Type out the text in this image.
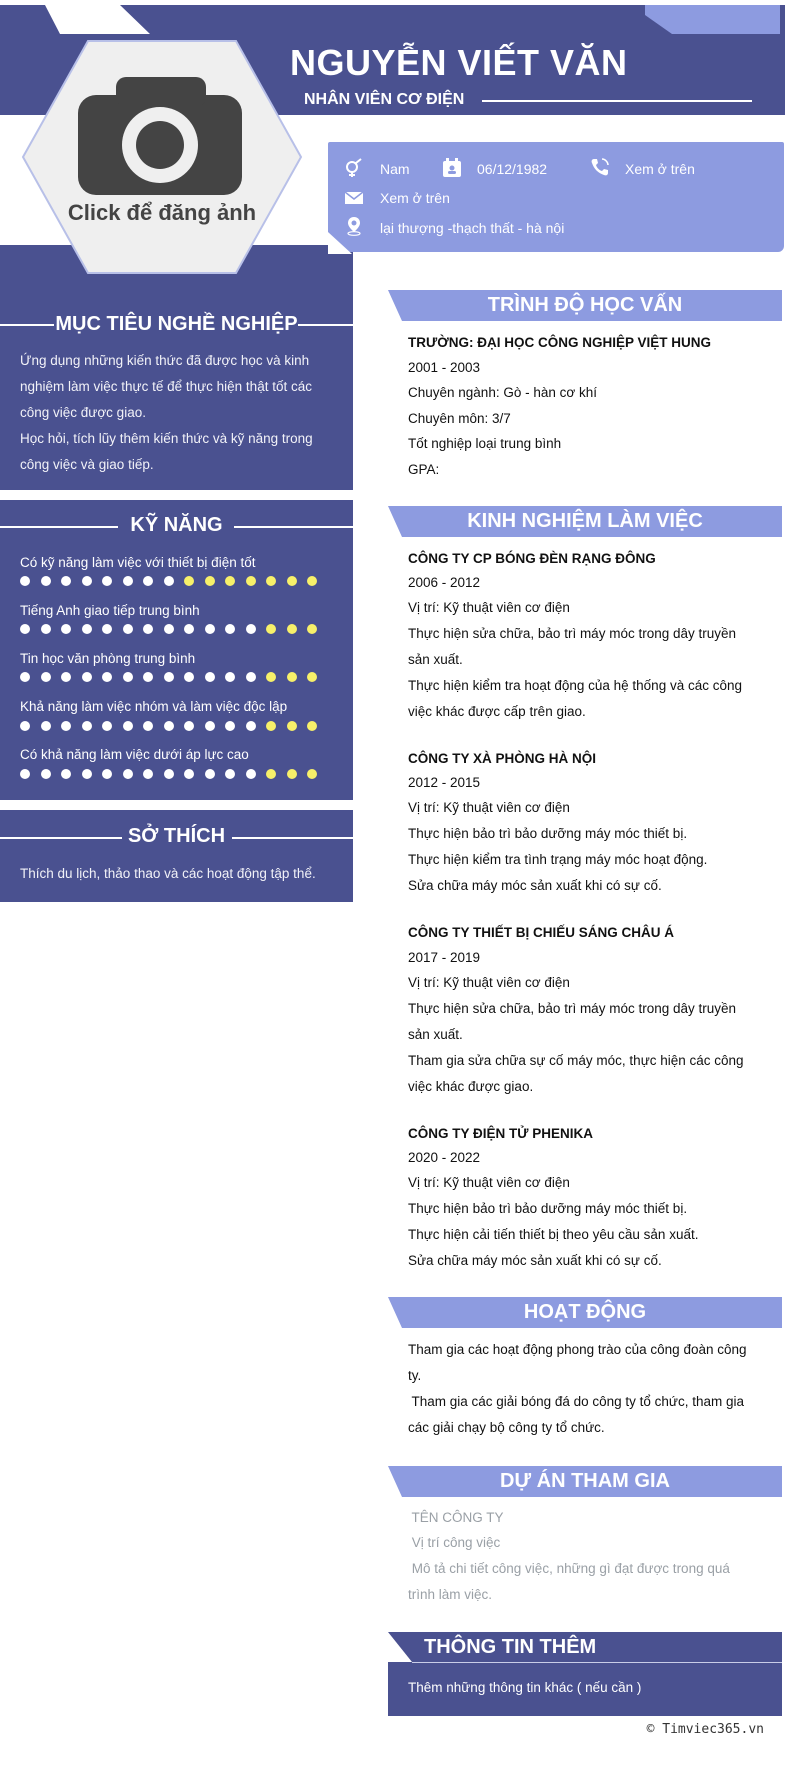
Click để đăng ảnh
NGUYỄN VIẾT VĂN
NHÂN VIÊN CƠ ĐIỆN
Nam	06/12/1982	Xem ở trên
Xem ở trên
lại thượng -thạch thất - hà nội
MỤC TIÊU NGHỀ NGHIỆP
Ứng dụng những kiến thức đã được học và kinh
nghiệm làm việc thực tế để thực hiện thật tốt các
công việc được giao.
Học hỏi, tích lũy thêm kiến thức và kỹ năng trong
công việc và giao tiếp.
KỸ NĂNG
Có kỹ năng làm việc với thiết bị điện tốt
Tiếng Anh giao tiếp trung bình
Tin học văn phòng trung bình
Khả năng làm việc nhóm và làm việc độc lập
Có khả năng làm việc dưới áp lực cao
SỞ THÍCH
Thích du lịch, thảo thao và các hoạt động tập thể.
TRÌNH ĐỘ HỌC VẤN
TRƯỜNG: ĐẠI HỌC CÔNG NGHIỆP VIỆT HUNG
2001 - 2003
Chuyên ngành: Gò - hàn cơ khí
Chuyên môn: 3/7
Tốt nghiệp loại trung bình
GPA:
KINH NGHIỆM LÀM VIỆC
CÔNG TY CP BÓNG ĐÈN RẠNG ĐÔNG
2006 - 2012
Vị trí: Kỹ thuật viên cơ điện
Thực hiện sửa chữa, bảo trì máy móc trong dây truyền
sản xuất.
Thực hiện kiểm tra hoạt động của hệ thống và các công
việc khác được cấp trên giao.
CÔNG TY XÀ PHÒNG HÀ NỘI
2012 - 2015
Vị trí: Kỹ thuật viên cơ điện
Thực hiện bảo trì bảo dưỡng máy móc thiết bị.
Thực hiện kiểm tra tình trạng máy móc hoạt động.
Sửa chữa máy móc sản xuất khi có sự cố.
CÔNG TY THIẾT BỊ CHIẾU SÁNG CHÂU Á
2017 - 2019
Vị trí: Kỹ thuật viên cơ điện
Thực hiện sửa chữa, bảo trì máy móc trong dây truyền
sản xuất.
Tham gia sửa chữa sự cố máy móc, thực hiện các công
việc khác được giao.
CÔNG TY ĐIỆN TỬ PHENIKA
2020 - 2022
Vị trí: Kỹ thuật viên cơ điện
Thực hiện bảo trì bảo dưỡng máy móc thiết bị.
Thực hiện cải tiến thiết bị theo yêu cầu sản xuất.
Sửa chữa máy móc sản xuất khi có sự cố.
HOẠT ĐỘNG
Tham gia các hoạt động phong trào của công đoàn công
ty.
Tham gia các giải bóng đá do công ty tổ chức, tham gia
các giải chạy bộ công ty tổ chức.
DỰ ÁN THAM GIA
TÊN CÔNG TY
Vị trí công việc
Mô tả chi tiết công việc, những gì đạt được trong quá
trình làm việc.
THÔNG TIN THÊM
Thêm những thông tin khác ( nếu cần )
© Timviec365.vn
